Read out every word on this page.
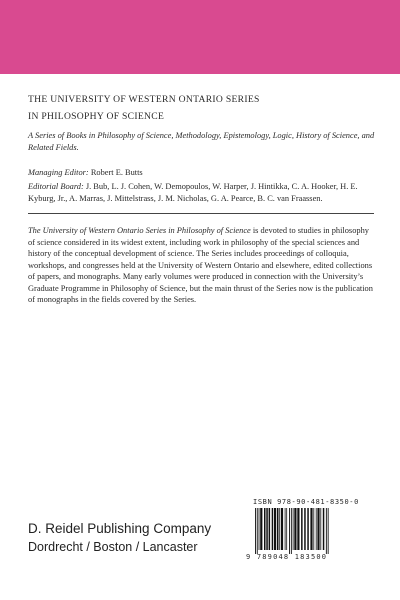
THE UNIVERSITY OF WESTERN ONTARIO SERIES
IN PHILOSOPHY OF SCIENCE
A Series of Books in Philosophy of Science, Methodology, Epistemology, Logic, History of Science, and Related Fields.
Managing Editor: Robert E. Butts
Editorial Board: J. Bub, L. J. Cohen, W. Demopoulos, W. Harper, J. Hintikka, C. A. Hooker, H. E. Kyburg, Jr., A. Marras, J. Mittelstrass, J. M. Nicholas, G. A. Pearce, B. C. van Fraassen.
The University of Western Ontario Series in Philosophy of Science is devoted to studies in philosophy of science considered in its widest extent, including work in philosophy of the special sciences and history of the conceptual development of science. The Series includes proceedings of colloquia, workshops, and congresses held at the University of Western Ontario and elsewhere, edited collections of papers, and monographs. Many early volumes were produced in connection with the University’s Graduate Programme in Philosophy of Science, but the main thrust of the Series now is the publication of monographs in the fields covered by the Series.
ISBN 978-90-481-8350-0
9 789048 183500
D. Reidel Publishing Company
Dordrecht / Boston / Lancaster
